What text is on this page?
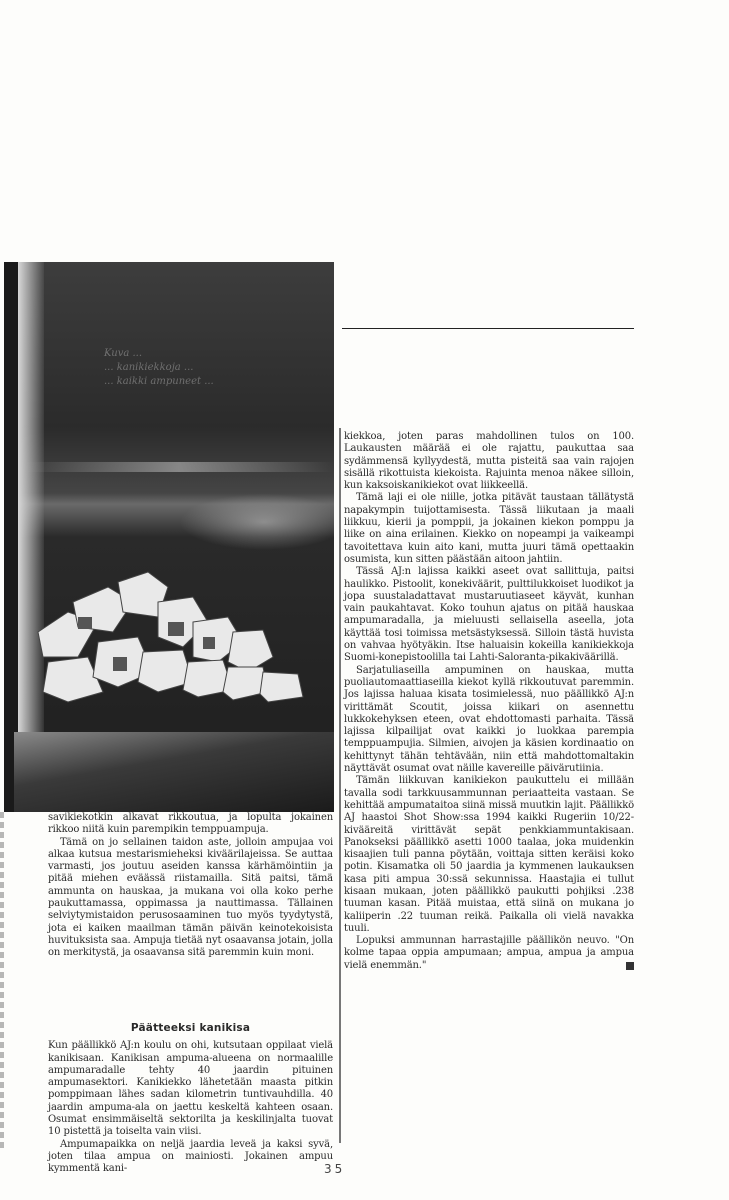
Kuva ...
... kanikiekkoja ...
... kaikki ampuneet ...

kiekkoa, joten paras mahdollinen tulos on 100. Laukausten määrää ei ole rajattu, paukuttaa saa sydämmensä kyllyydestä, mutta pisteitä saa vain rajojen sisällä rikottuista kiekoista. Rajuinta menoa näkee silloin, kun kaksoiskanikiekot ovat liikkeellä.

Tämä laji ei ole niille, jotka pitävät taustaan tällätystä napakympin tuijottamisesta. Tässä liikutaan ja maali liikkuu, kierii ja pomppii, ja jokainen kiekon pomppu ja liike on aina erilainen. Kiekko on nopeampi ja vaikeampi tavoitettava kuin aito kani, mutta juuri tämä opettaakin osumista, kun sitten päästään aitoon jahtiin.

Tässä AJ:n lajissa kaikki aseet ovat sallittuja, paitsi haulikko. Pistoolit, konekiväärit, pulttilukkoiset luodikot ja jopa suustaladattavat mustaruutiaseet käyvät, kunhan vain paukahtavat. Koko touhun ajatus on pitää hauskaa ampumaradalla, ja mieluusti sellaisella aseella, jota käyttää tosi toimissa metsästyksessä. Silloin tästä huvista on vahvaa hyötyäkin. Itse haluaisin kokeilla kanikiekkoja Suomi-konepistoolilla tai Lahti-Saloranta-pikakiväärillä.

Sarjatuliaseilla ampuminen on hauskaa, mutta puoliautomaattiaseilla kiekot kyllä rikkoutuvat paremmin. Jos lajissa haluaa kisata tosimielessä, nuo päällikkö AJ:n virittämät Scoutit, joissa kiikari on asennettu lukkokehyksen eteen, ovat ehdottomasti parhaita. Tässä lajissa kilpailijat ovat kaikki jo luokkaa parempia temppuampujia. Silmien, aivojen ja käsien kordinaatio on kehittynyt tähän tehtävään, niin että mahdottomaltakin näyttävät osumat ovat näille kavereille päivärutiinia.

Tämän liikkuvan kanikiekon paukuttelu ei millään tavalla sodi tarkkuusammunnan periaatteita vastaan. Se kehittää ampumataitoa siinä missä muutkin lajit. Päällikkö AJ haastoi Shot Show:ssa 1994 kaikki Rugeriin 10/22-kivääreitä virittävät sepät penkkiammuntakisaan. Panokseksi päällikkö asetti 1000 taalaa, joka muidenkin kisaajien tuli panna pöytään, voittaja sitten keräisi koko potin. Kisamatka oli 50 jaardia ja kymmenen laukauksen kasa piti ampua 30:ssä sekunnissa. Haastajia ei tullut kisaan mukaan, joten päällikkö paukutti pohjiksi .238 tuuman kasan. Pitää muistaa, että siinä on mukana jo kaliiperin .22 tuuman reikä. Paikalla oli vielä navakka tuuli.

Lopuksi ammunnan harrastajille päällikön neuvo. "On kolme tapaa oppia ampumaan; ampua, ampua ja ampua vielä enemmän."

savikiekotkin alkavat rikkoutua, ja lopulta jokainen rikkoo niitä kuin parempikin temppuampuja.

Tämä on jo sellainen taidon aste, jolloin ampujaa voi alkaa kutsua mestarismieheksi kiväärilajeissa. Se auttaa varmasti, jos joutuu aseiden kanssa kärhämöintiin ja pitää miehen eväässä riistamailla. Sitä paitsi, tämä ammunta on hauskaa, ja mukana voi olla koko perhe paukuttamassa, oppimassa ja nauttimassa. Tällainen selviytymistaidon perusosaaminen tuo myös tyydytystä, jota ei kaiken maailman tämän päivän keinotekoisista huvituksista saa. Ampuja tietää nyt osaavansa jotain, jolla on merkitystä, ja osaavansa sitä paremmin kuin moni.

Päätteeksi kanikisa

Kun päällikkö AJ:n koulu on ohi, kutsutaan oppilaat vielä kanikisaan. Kanikisan ampuma-alueena on normaalille ampumaradalle tehty 40 jaardin pituinen ampumasektori. Kanikiekko lähetetään maasta pitkin pomppimaan lähes sadan kilometrin tuntivauhdilla. 40 jaardin ampuma-ala on jaettu keskeltä kahteen osaan. Osumat ensimmäiseltä sektorilta ja keskilinjalta tuovat 10 pistettä ja toiselta vain viisi.

Ampumapaikka on neljä jaardia leveä ja kaksi syvä, joten tilaa ampua on mainiosti. Jokainen ampuu kymmentä kani-	35
